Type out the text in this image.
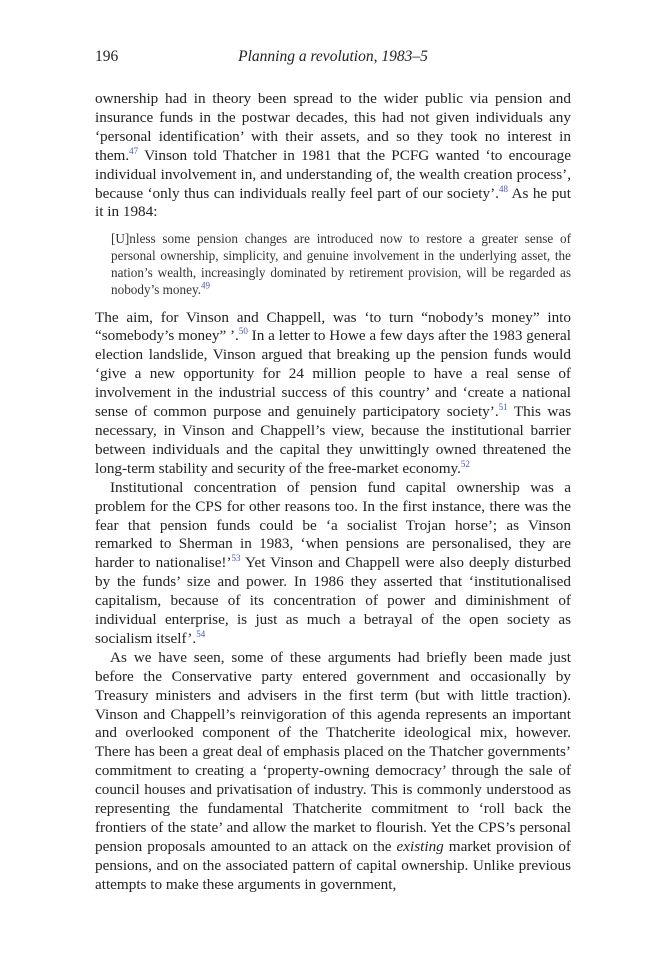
196	Planning a revolution, 1983–5

ownership had in theory been spread to the wider public via pension and insurance funds in the postwar decades, this had not given individuals any ‘personal identification’ with their assets, and so they took no interest in them.$^{47}$ Vinson told Thatcher in 1981 that the PCFG wanted ‘to encourage individual involvement in, and understanding of, the wealth creation process’, because ‘only thus can individuals really feel part of our society’.$^{48}$ As he put it in 1984:

[U]nless some pension changes are introduced now to restore a greater sense of personal ownership, simplicity, and genuine involvement in the underlying asset, the nation’s wealth, increasingly dominated by retirement provision, will be regarded as nobody’s money.$^{49}$

The aim, for Vinson and Chappell, was ‘to turn “nobody’s money” into “somebody’s money” ’.$^{50}$ In a letter to Howe a few days after the 1983 general election landslide, Vinson argued that breaking up the pension funds would ‘give a new opportunity for 24 million people to have a real sense of involvement in the industrial success of this country’ and ‘create a national sense of common purpose and genuinely participatory society’.$^{51}$ This was necessary, in Vinson and Chappell’s view, because the institutional barrier between individuals and the capital they unwittingly owned threatened the long-term stability and security of the free-market economy.$^{52}$

Institutional concentration of pension fund capital ownership was a problem for the CPS for other reasons too. In the first instance, there was the fear that pension funds could be ‘a socialist Trojan horse’; as Vinson remarked to Sherman in 1983, ‘when pensions are personalised, they are harder to nationalise!’$^{53}$ Yet Vinson and Chappell were also deeply disturbed by the funds’ size and power. In 1986 they asserted that ‘institutionalised capitalism, because of its concentration of power and diminishment of individual enterprise, is just as much a betrayal of the open society as socialism itself’.$^{54}$

As we have seen, some of these arguments had briefly been made just before the Conservative party entered government and occasionally by Treasury ministers and advisers in the first term (but with little traction). Vinson and Chappell’s reinvigoration of this agenda represents an important and overlooked component of the Thatcherite ideological mix, however. There has been a great deal of emphasis placed on the Thatcher governments’ commitment to creating a ‘property-owning democracy’ through the sale of council houses and privatisation of industry. This is commonly understood as representing the fundamental Thatcherite commitment to ‘roll back the frontiers of the state’ and allow the market to flourish. Yet the CPS’s personal pension proposals amounted to an attack on the existing market provision of pensions, and on the associated pattern of capital ownership. Unlike previous attempts to make these arguments in government,
